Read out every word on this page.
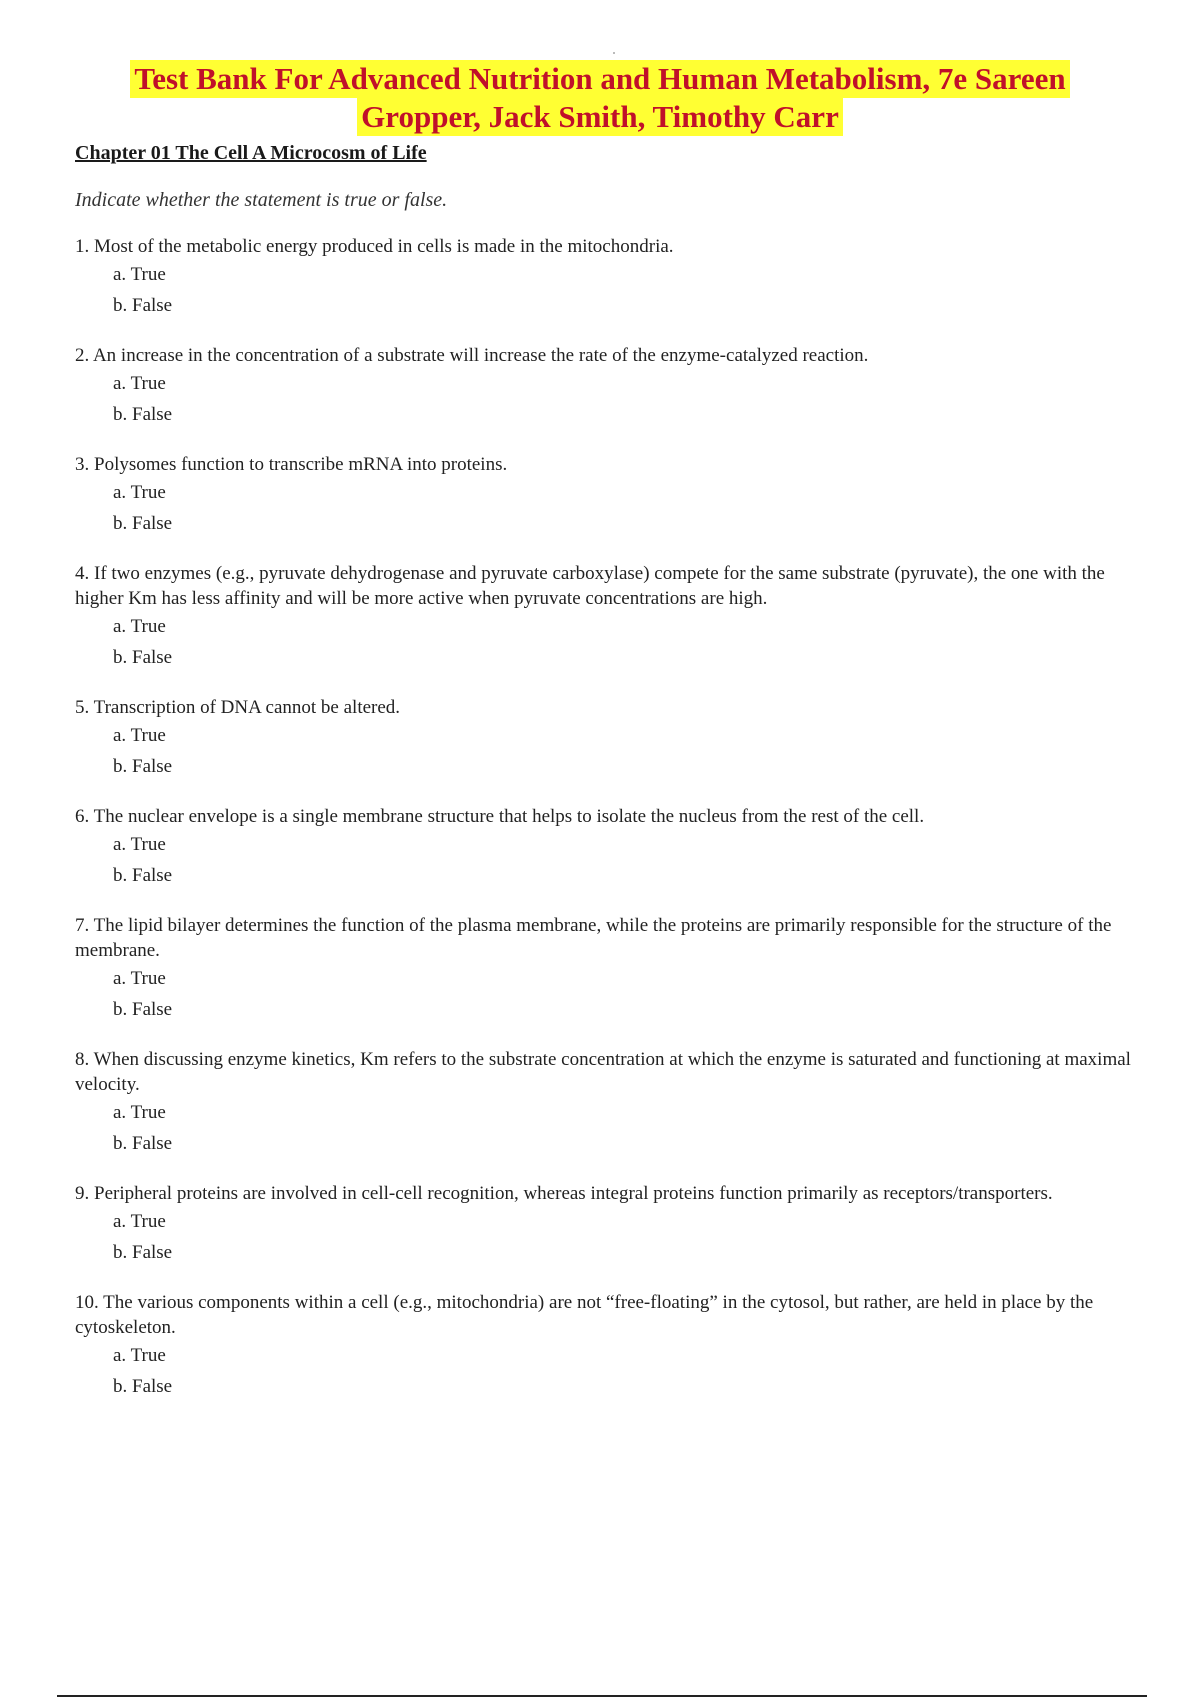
Test Bank For Advanced Nutrition and Human Metabolism, 7e Sareen
Gropper, Jack Smith, Timothy Carr
Chapter 01 The Cell A Microcosm of Life
Indicate whether the statement is true or false.
1. Most of the metabolic energy produced in cells is made in the mitochondria.
a. True
b. False
2. An increase in the concentration of a substrate will increase the rate of the enzyme-catalyzed reaction.
a. True
b. False
3. Polysomes function to transcribe mRNA into proteins.
a. True
b. False
4. If two enzymes (e.g., pyruvate dehydrogenase and pyruvate carboxylase) compete for the same substrate (pyruvate), the one with the higher Km has less affinity and will be more active when pyruvate concentrations are high.
a. True
b. False
5. Transcription of DNA cannot be altered.
a. True
b. False
6. The nuclear envelope is a single membrane structure that helps to isolate the nucleus from the rest of the cell.
a. True
b. False
7. The lipid bilayer determines the function of the plasma membrane, while the proteins are primarily responsible for the structure of the membrane.
a. True
b. False
8. When discussing enzyme kinetics, Km refers to the substrate concentration at which the enzyme is saturated and functioning at maximal velocity.
a. True
b. False
9. Peripheral proteins are involved in cell-cell recognition, whereas integral proteins function primarily as receptors/transporters.
a. True
b. False
10. The various components within a cell (e.g., mitochondria) are not “free-floating” in the cytosol, but rather, are held in place by the cytoskeleton.
a. True
b. False
